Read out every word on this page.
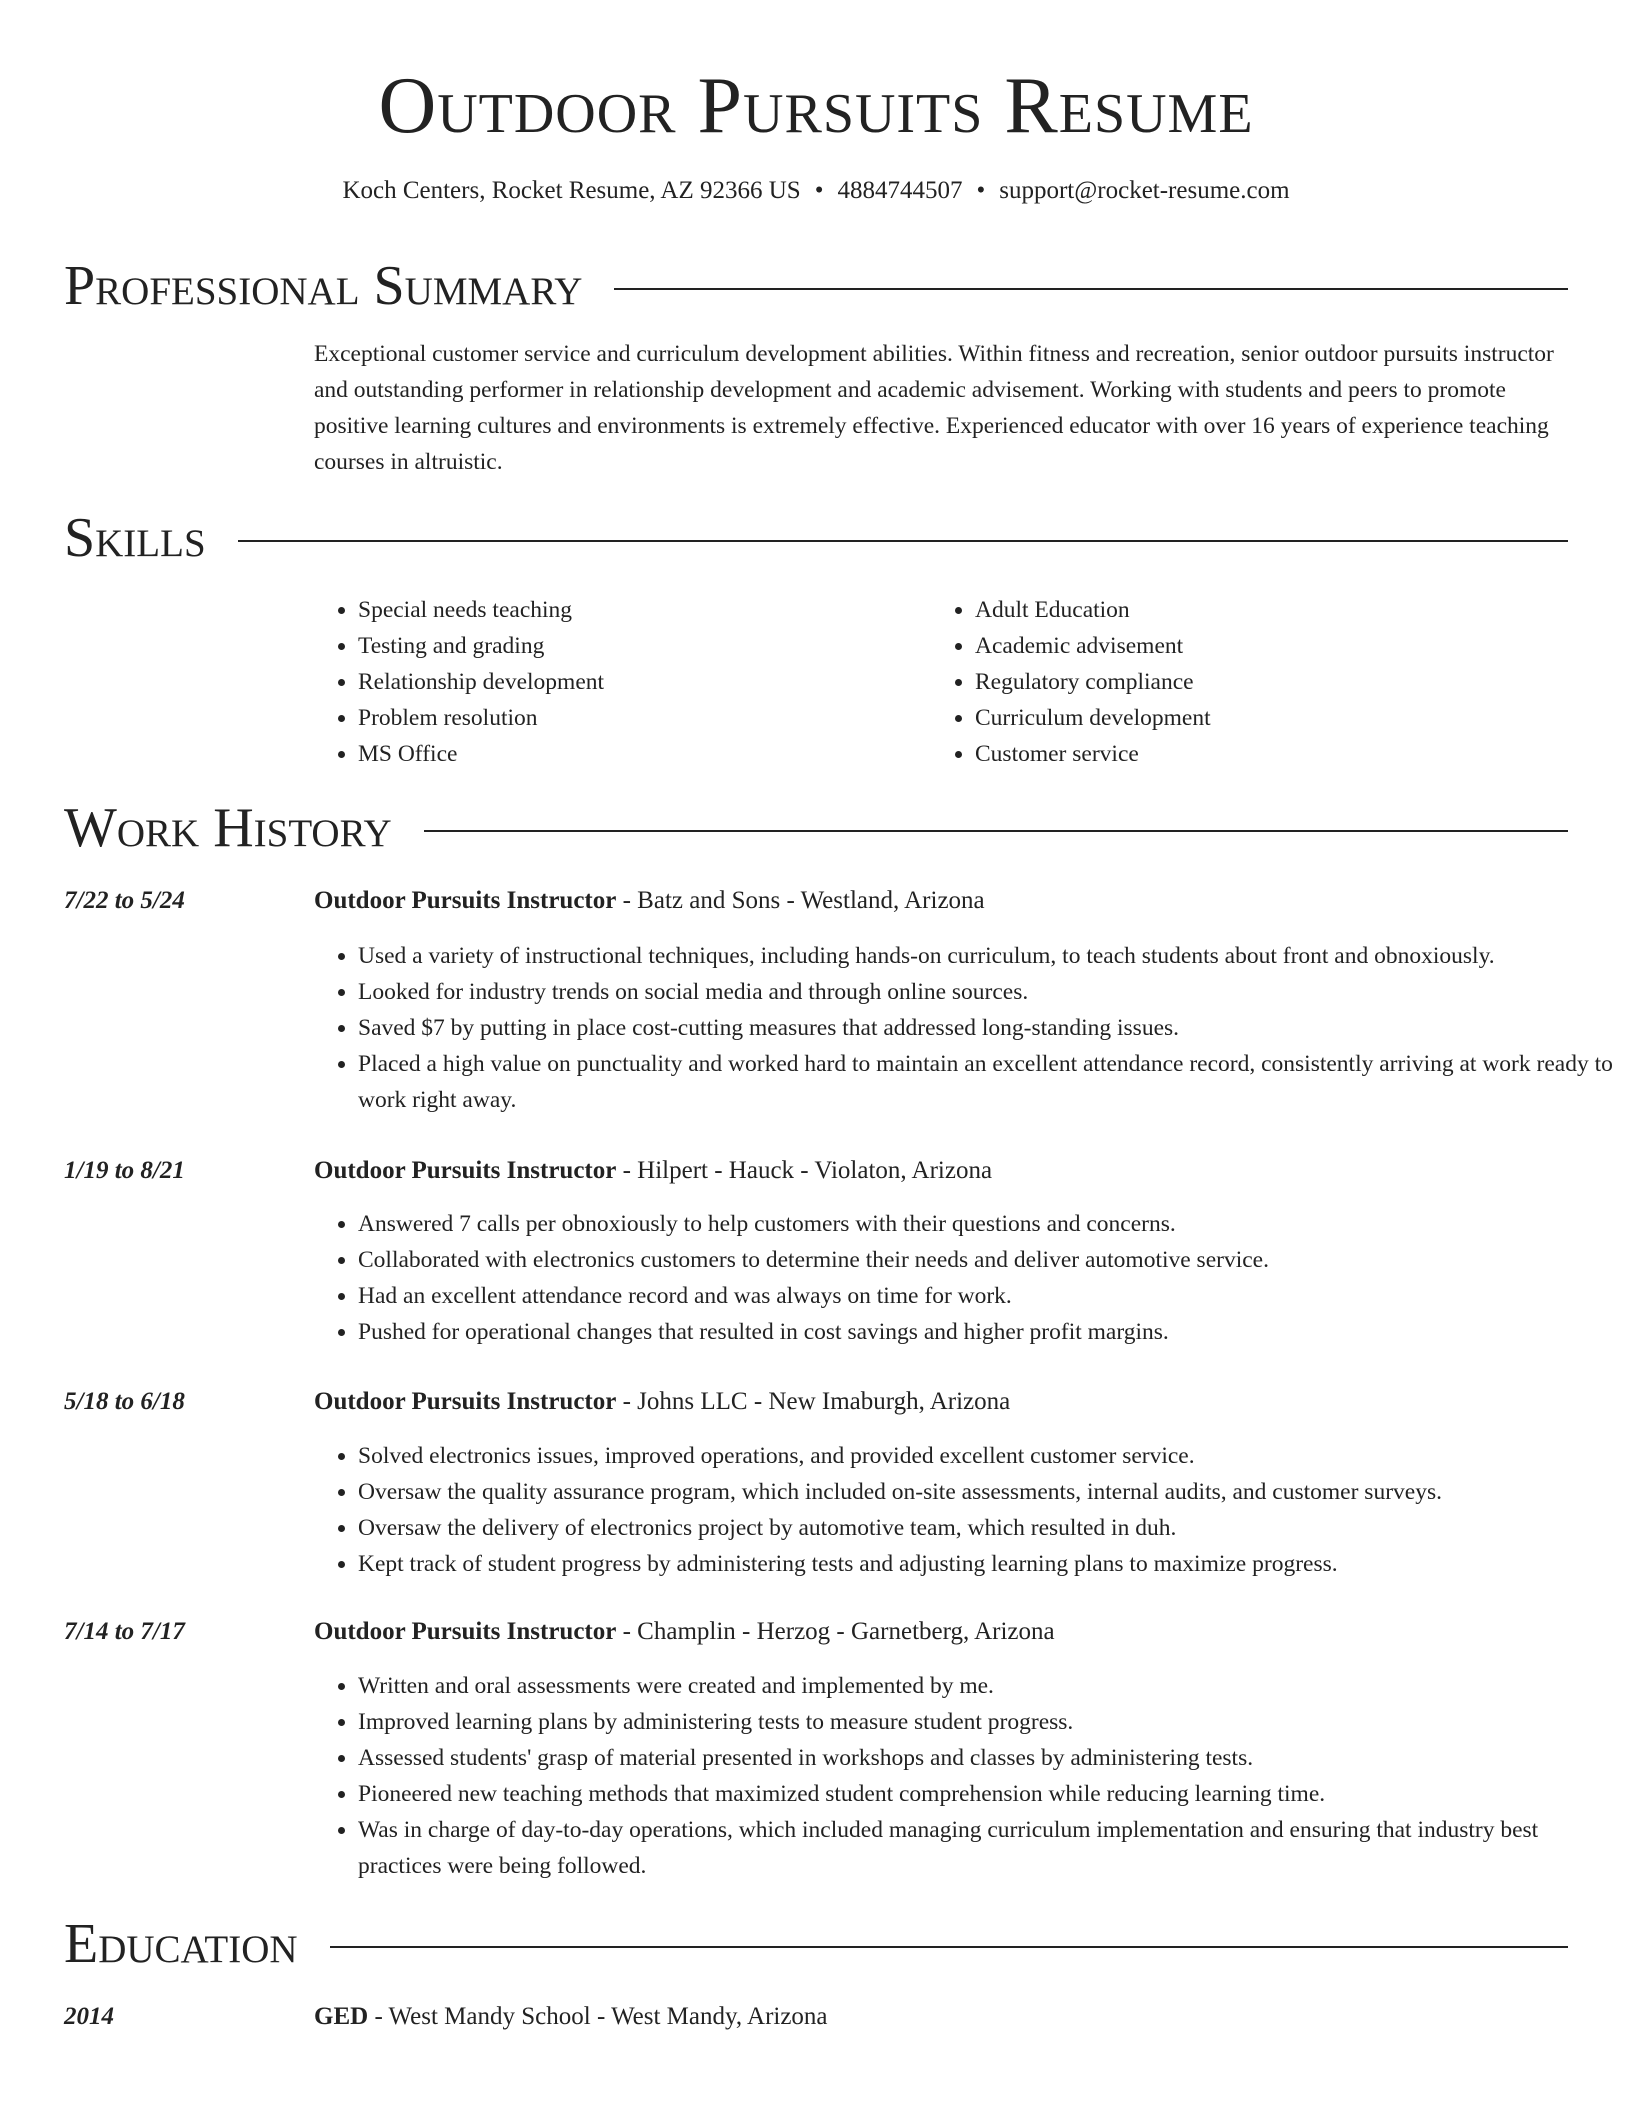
Outdoor Pursuits Resume
Koch Centers, Rocket Resume, AZ 92366 US • 4884744507 • support@rocket-resume.com
Professional Summary

Exceptional customer service and curriculum development abilities. Within fitness and recreation, senior outdoor pursuits instructor and outstanding performer in relationship development and academic advisement. Working with students and peers to promote positive learning cultures and environments is extremely effective. Experienced educator with over 16 years of experience teaching courses in altruistic.

Skills
• Special needs teaching
• Testing and grading
• Relationship development
• Problem resolution
• MS Office
• Adult Education
• Academic advisement
• Regulatory compliance
• Curriculum development
• Customer service
Work History
7/22 to 5/24	Outdoor Pursuits Instructor - Batz and Sons - Westland, Arizona
• Used a variety of instructional techniques, including hands-on curriculum, to teach students about front and obnoxiously.
• Looked for industry trends on social media and through online sources.
• Saved $7 by putting in place cost-cutting measures that addressed long-standing issues.
• Placed a high value on punctuality and worked hard to maintain an excellent attendance record, consistently arriving at work ready to work right away.
1/19 to 8/21	Outdoor Pursuits Instructor - Hilpert - Hauck - Violaton, Arizona
• Answered 7 calls per obnoxiously to help customers with their questions and concerns.
• Collaborated with electronics customers to determine their needs and deliver automotive service.
• Had an excellent attendance record and was always on time for work.
• Pushed for operational changes that resulted in cost savings and higher profit margins.
5/18 to 6/18	Outdoor Pursuits Instructor - Johns LLC - New Imaburgh, Arizona
• Solved electronics issues, improved operations, and provided excellent customer service.
• Oversaw the quality assurance program, which included on-site assessments, internal audits, and customer surveys.
• Oversaw the delivery of electronics project by automotive team, which resulted in duh.
• Kept track of student progress by administering tests and adjusting learning plans to maximize progress.
7/14 to 7/17	Outdoor Pursuits Instructor - Champlin - Herzog - Garnetberg, Arizona
• Written and oral assessments were created and implemented by me.
• Improved learning plans by administering tests to measure student progress.
• Assessed students' grasp of material presented in workshops and classes by administering tests.
• Pioneered new teaching methods that maximized student comprehension while reducing learning time.
• Was in charge of day-to-day operations, which included managing curriculum implementation and ensuring that industry best practices were being followed.
Education
2014	GED - West Mandy School - West Mandy, Arizona
